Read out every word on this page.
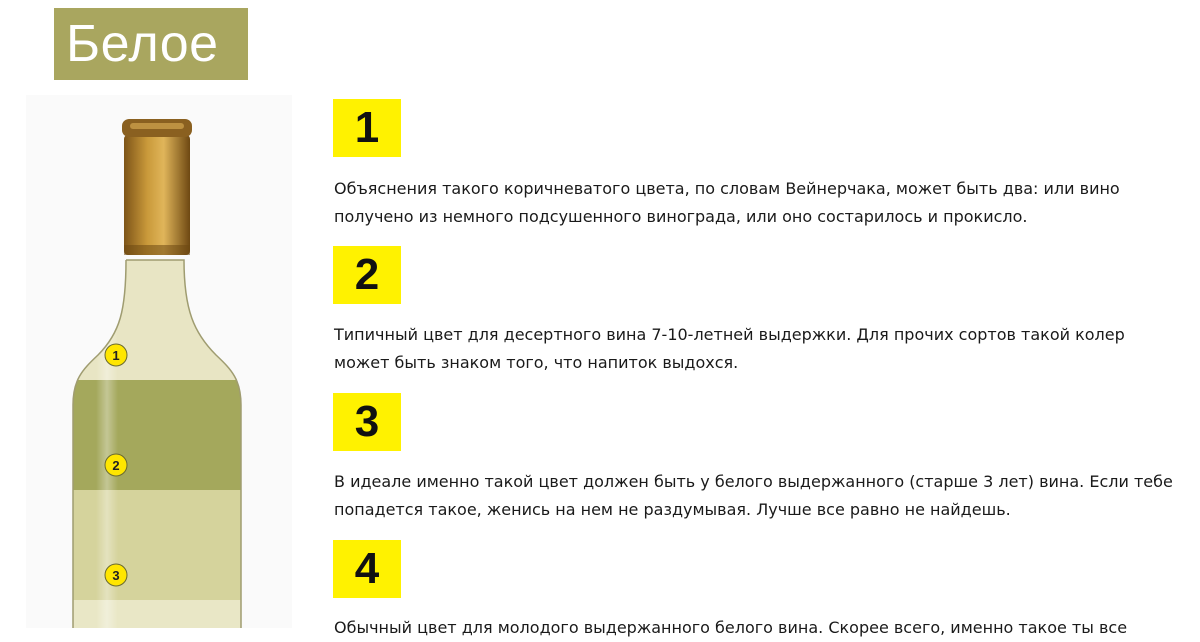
Белое
1
2
3
1

Объяснения такого коричневатого цвета, по словам Вейнерчака, может быть два: или вино получено из немного подсушенного винограда, или оно состарилось и прокисло.

2

Типичный цвет для десертного вина 7-10-летней выдержки. Для прочих сортов такой колер может быть знаком того, что напиток выдохся.

3

В идеале именно такой цвет должен быть у белого выдержанного (старше 3 лет) вина. Если тебе попадется такое, женись на нем не раздумывая. Лучше все равно не найдешь.

4

Обычный цвет для молодого выдержанного белого вина. Скорее всего, именно такое ты все
